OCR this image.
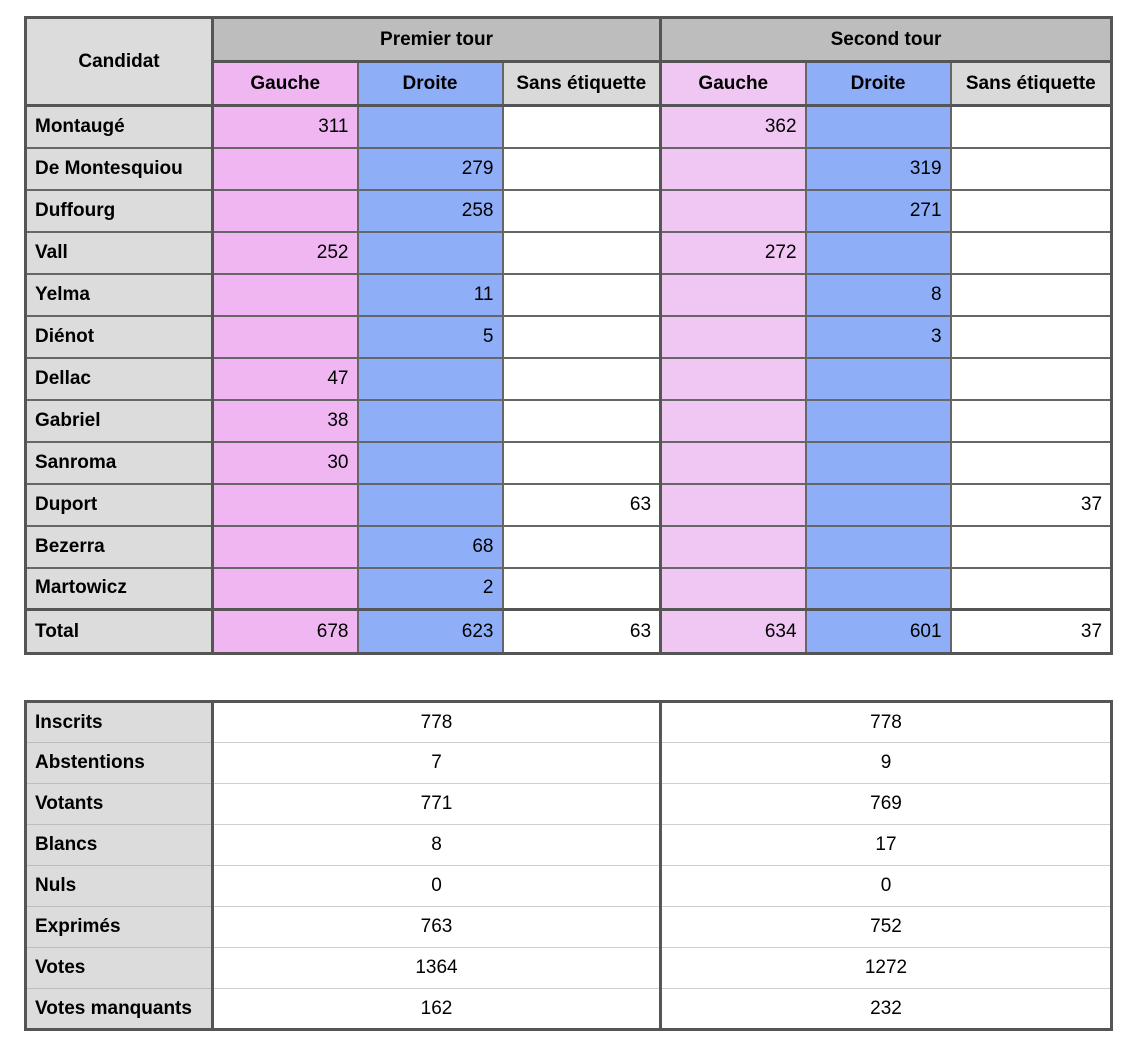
Candidat	Premier tour			Second tour		
	Gauche	Droite	Sans étiquette	Gauche	Droite	Sans étiquette
Montaugé	311			362		
De Montesquiou		279			319	
Duffourg		258			271	
Vall	252			272		
Yelma		11			8	
Diénot		5			3	
Dellac	47					
Gabriel	38					
Sanroma	30					
Duport			63			37
Bezerra		68				
Martowicz		2				
Total	678	623	63	634	601	37
Inscrits	778	778
Abstentions	7	9
Votants	771	769
Blancs	8	17
Nuls	0	0
Exprimés	763	752
Votes	1364	1272
Votes manquants	162	232
